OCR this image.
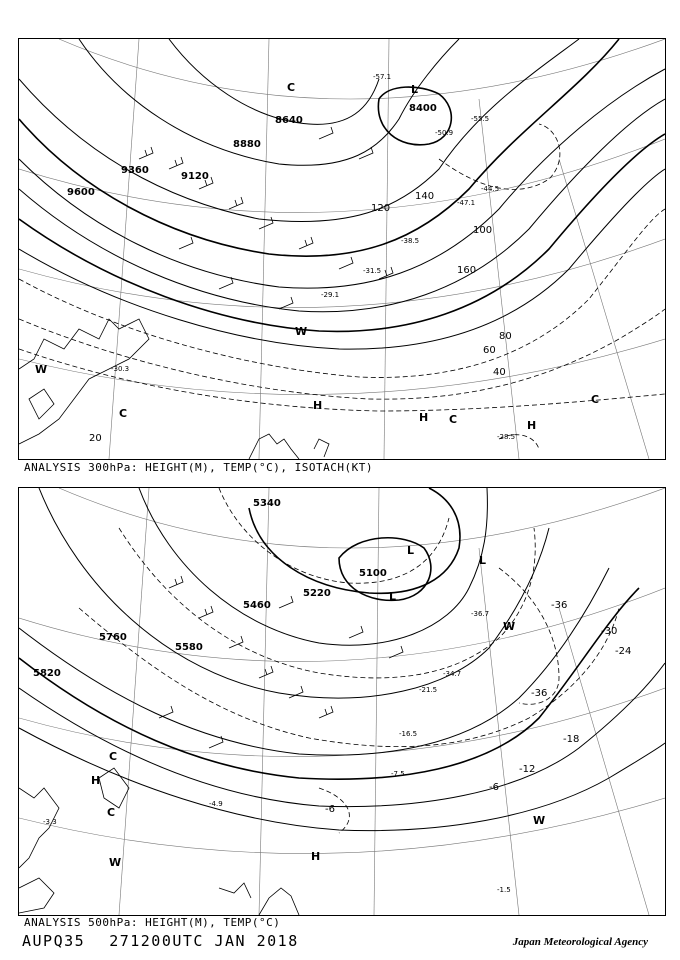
9600
9360
9120
8880
8640
8400
20
40
60
80
100
120
140
160
L
C
W
H
H
H
C	C
W
C
-28.5
-30.3
-29.1
-31.5
-38.5
-50.9
-55.5
-57.1
-44.5
-47.1
ANALYSIS 300hPa: HEIGHT(M), TEMP(°C), ISOTACH(KT)
5820
5760
5580
5460
5340
5220
5100
-6
-12
-18
-24
-30
-36
-6
-36
L
L
L
H
H
C
W
W
W
C
-1.5
-7.5
-16.5
-21.5
-34.7
-36.7
-4.9
-3.3
ANALYSIS 500hPa: HEIGHT(M), TEMP(°C)
AUPQ35 271200UTC JAN 2018	Japan Meteorological Agency
